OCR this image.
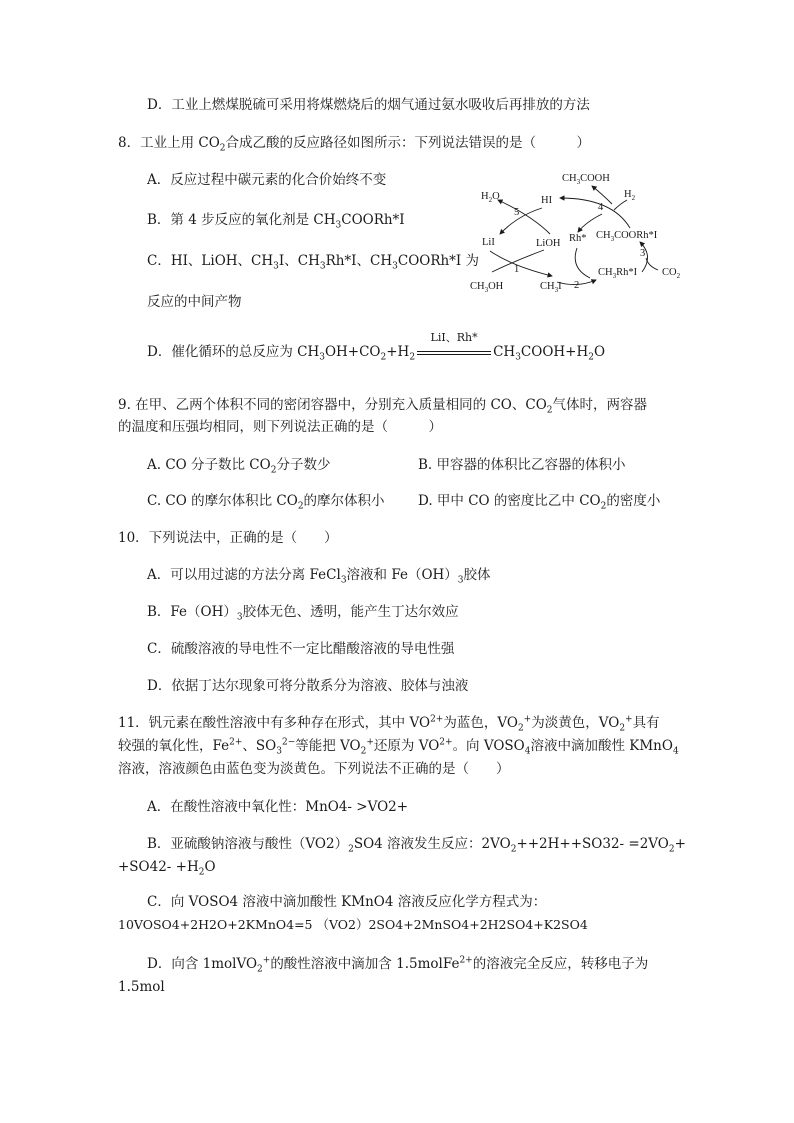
D．工业上燃煤脱硫可采用将煤燃烧后的烟气通过氨水吸收后再排放的方法
8．工业上用 $CO_2$合成乙酸的反应路径如图所示：下列说法错误的是（　　　）
A．反应过程中碳元素的化合价始终不变
B．第 4 步反应的氧化剂是 $CH_3COORh*I$
C．HI、LiOH、$CH_3I$、$CH_3Rh*I$、$CH_3COORh*I$ 为
反应的中间产物
D．催化循环的总反应为 $CH_3OH+CO_2+H_2$
LiI、Rh*
$CH_3COOH+H_2O$
$CH_3COOH$
$H_2$
$H_2O$	HI
5	4
LiI	LiOH Rh* $CH_3COORh*I$
3
1	$CH_3Rh*I$ $CO_2$
$CH_3OH$	$CH_3I$ 2
9. 在甲、乙两个体积不同的密闭容器中，分别充入质量相同的 CO、$CO_2$气体时，两容器
的温度和压强均相同，则下列说法正确的是（　　　）
A. CO 分子数比 $CO_2$分子数少	B. 甲容器的体积比乙容器的体积小
C. CO 的摩尔体积比 $CO_2$的摩尔体积小 D. 甲中 CO 的密度比乙中 $CO_2$的密度小
10．下列说法中，正确的是（　　）
A．可以用过滤的方法分离 FeCl$_3$溶液和 $Fe(OH)_3$胶体
B．$Fe(OH)_3$胶体无色、透明，能产生丁达尔效应
C．硫酸溶液的导电性不一定比醋酸溶液的导电性强
D．依据丁达尔现象可将分散系分为溶液、胶体与浊液
11．钒元素在酸性溶液中有多种存在形式，其中 $VO^{2+}$为蓝色，$VO_2^+$为淡黄色，$VO_2^+$具有
较强的氧化性，$Fe^{2+}$、$SO_3^{2-}$等能把 $VO_2^+$还原为 $VO^{2+}$。向 $VOSO_4$溶液中滴加酸性 KMnO$_4$
溶液，溶液颜色由蓝色变为淡黄色。下列说法不正确的是（　　）
A．在酸性溶液中氧化性：MnO4- >VO2+
B．亚硫酸钠溶液与酸性$(VO2)_2SO4$ 溶液发生反应：$2VO_2++2H++SO32- =2VO_2+$
$+SO42- +H_2O$
C．向 VOSO4 溶液中滴加酸性 KMnO4 溶液反应化学方程式为：
10VOSO4+2H2O+2KMnO4=5 （VO2）2SO4+2MnSO4+2H2SO4+K2SO4
D．向含 1molVO$_2$+的酸性溶液中滴加含 1.5molFe$^{2+}$的溶液完全反应，转移电子为
1.5mol
